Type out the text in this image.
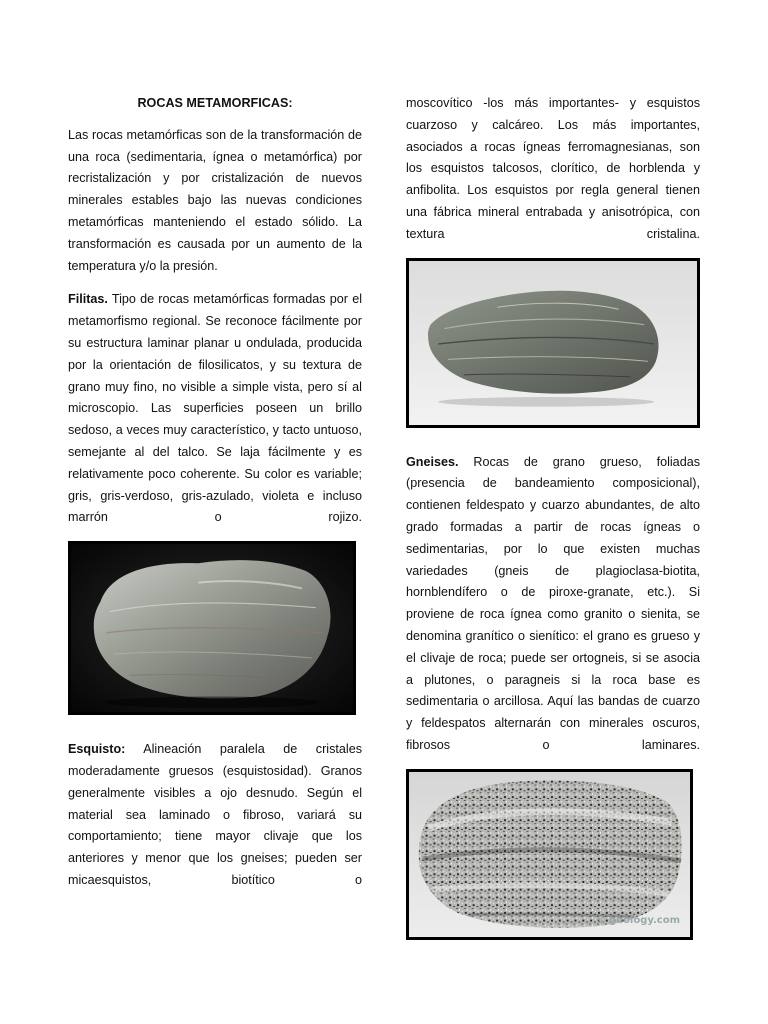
ROCAS METAMORFICAS:

Las rocas metamórficas son de la transformación de una roca (sedimentaria, ígnea o metamórfica) por recristalización y por cristalización de nuevos minerales estables bajo las nuevas condiciones metamórficas manteniendo el estado sólido. La transformación es causada por un aumento de la temperatura y/o la presión.

Filitas. Tipo de rocas metamórficas formadas por el metamorfismo regional. Se reconoce fácilmente por su estructura laminar planar u ondulada, producida por la orientación de filosilicatos, y su textura de grano muy fino, no visible a simple vista, pero sí al microscopio. Las superficies poseen un brillo sedoso, a veces muy característico, y tacto untuoso, semejante al del talco. Se laja fácilmente y es relativamente poco coherente. Su color es variable; gris, gris-verdoso, gris-azulado, violeta e incluso marrón o rojizo.

Esquisto: Alineación paralela de cristales moderadamente gruesos (esquistosidad). Granos generalmente visibles a ojo desnudo. Según el material sea laminado o fibroso, variará su comportamiento; tiene mayor clivaje que los anteriores y menor que los gneises; pueden ser micaesquistos, biotítico o

moscovítico -los más importantes- y esquistos cuarzoso y calcáreo. Los más importantes, asociados a rocas ígneas ferromagnesianas, son los esquistos talcosos, clorítico, de horblenda y anfibolita. Los esquistos por regla general tienen una fábrica mineral entrabada y anisotrópica, con textura cristalina.

Gneises. Rocas de grano grueso, foliadas (presencia de bandeamiento composicional), contienen feldespato y cuarzo abundantes, de alto grado formadas a partir de rocas ígneas o sedimentarias, por lo que existen muchas variedades (gneis de plagioclasa-biotita, hornblendífero o de piroxe-granate, etc.). Si proviene de roca ígnea como granito o sienita, se denomina granítico o sienítico: el grano es grueso y el clivaje de roca; puede ser ortogneis, si se asocia a plutones, o paragneis si la roca base es sedimentaria o arcillosa. Aquí las bandas de cuarzo y feldespatos alternarán con minerales oscuros, fibrosos o laminares.

© geology.com
